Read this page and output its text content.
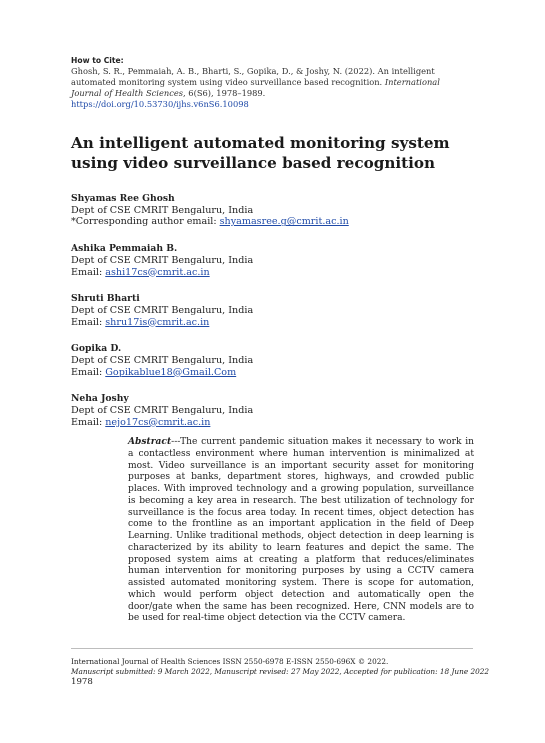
How to Cite:
Ghosh, S. R., Pemmaiah, A. B., Bharti, S., Gopika, D., & Joshy, N. (2022). An intelligent automated monitoring system using video surveillance based recognition. International Journal of Health Sciences, 6(S6), 1978–1989.
https://doi.org/10.53730/ijhs.v6nS6.10098
An intelligent automated monitoring system using video surveillance based recognition
Shyamas Ree Ghosh
Dept of CSE CMRIT Bengaluru, India
*Corresponding author email: shyamasree.g@cmrit.ac.in
Ashika Pemmaiah B.
Dept of CSE CMRIT Bengaluru, India
Email: ashi17cs@cmrit.ac.in
Shruti Bharti
Dept of CSE CMRIT Bengaluru, India
Email: shru17is@cmrit.ac.in
Gopika D.
Dept of CSE CMRIT Bengaluru, India
Email: Gopikablue18@Gmail.Com
Neha Joshy
Dept of CSE CMRIT Bengaluru, India
Email: nejo17cs@cmrit.ac.in

Abstract---The current pandemic situation makes it necessary to work in a contactless environment where human intervention is minimalized at most. Video surveillance is an important security asset for monitoring purposes at banks, department stores, highways, and crowded public places. With improved technology and a growing population, surveillance is becoming a key area in research. The best utilization of technology for surveillance is the focus area today. In recent times, object detection has come to the frontline as an important application in the field of Deep Learning. Unlike traditional methods, object detection in deep learning is characterized by its ability to learn features and depict the same. The proposed system aims at creating a platform that reduces/eliminates human intervention for monitoring purposes by using a CCTV camera assisted automated monitoring system. There is scope for automation, which would perform object detection and automatically open the door/gate when the same has been recognized. Here, CNN models are to be used for real-time object detection via the CCTV camera.

International Journal of Health Sciences ISSN 2550-6978 E-ISSN 2550-696X © 2022.
Manuscript submitted: 9 March 2022, Manuscript revised: 27 May 2022, Accepted for publication: 18 June 2022
1978
